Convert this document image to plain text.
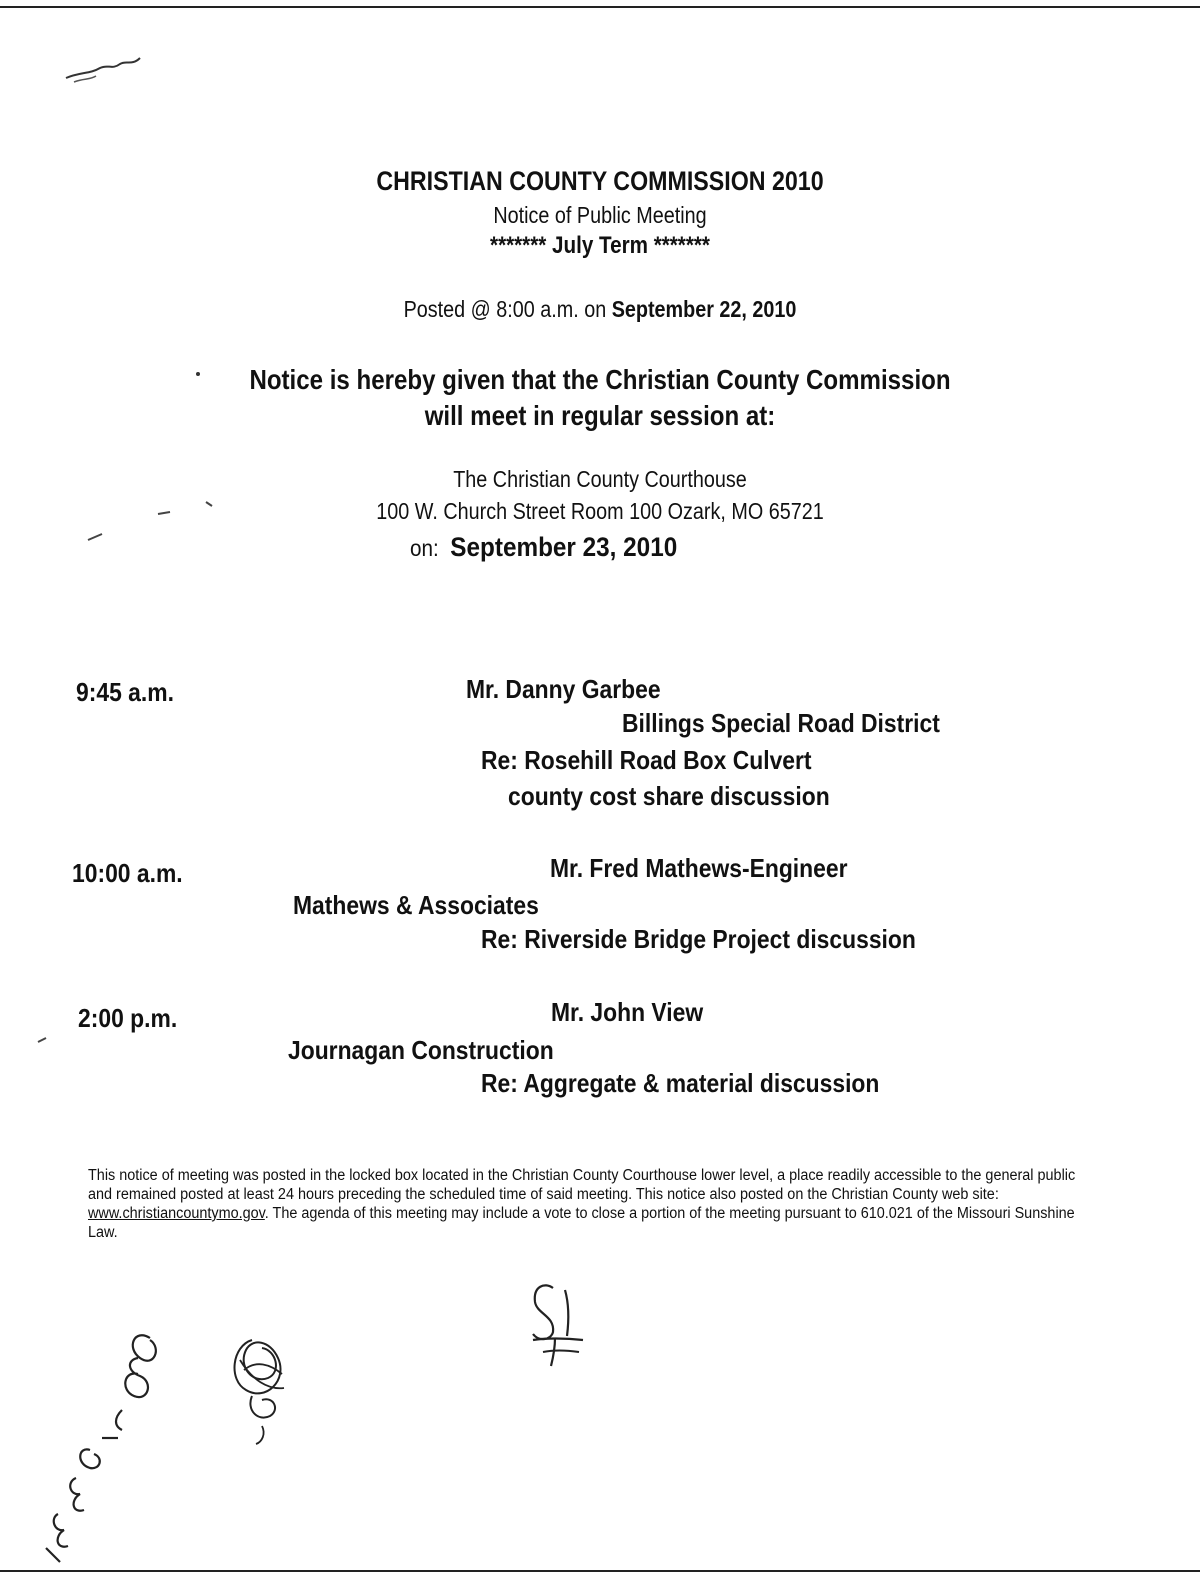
CHRISTIAN COUNTY COMMISSION 2010
Notice of Public Meeting
******* July Term *******
Posted @ 8:00 a.m. on September 22, 2010
Notice is hereby given that the Christian County Commission
will meet in regular session at:
The Christian County Courthouse
100 W. Church Street Room 100 Ozark, MO 65721
on: September 23, 2010
9:45 a.m.	Mr. Danny Garbee
Billings Special Road District
Re: Rosehill Road Box Culvert
county cost share discussion
10:00 a.m.	Mr. Fred Mathews-Engineer
Mathews & Associates
Re: Riverside Bridge Project discussion
2:00 p.m.	Mr. John View
Journagan Construction
Re: Aggregate & material discussion
This notice of meeting was posted in the locked box located in the Christian County Courthouse lower level, a place readily accessible to the general public and remained posted at least 24 hours preceding the scheduled time of said meeting. This notice also posted on the Christian County web site: www.christiancountymo.gov. The agenda of this meeting may include a vote to close a portion of the meeting pursuant to 610.021 of the Missouri Sunshine Law.
